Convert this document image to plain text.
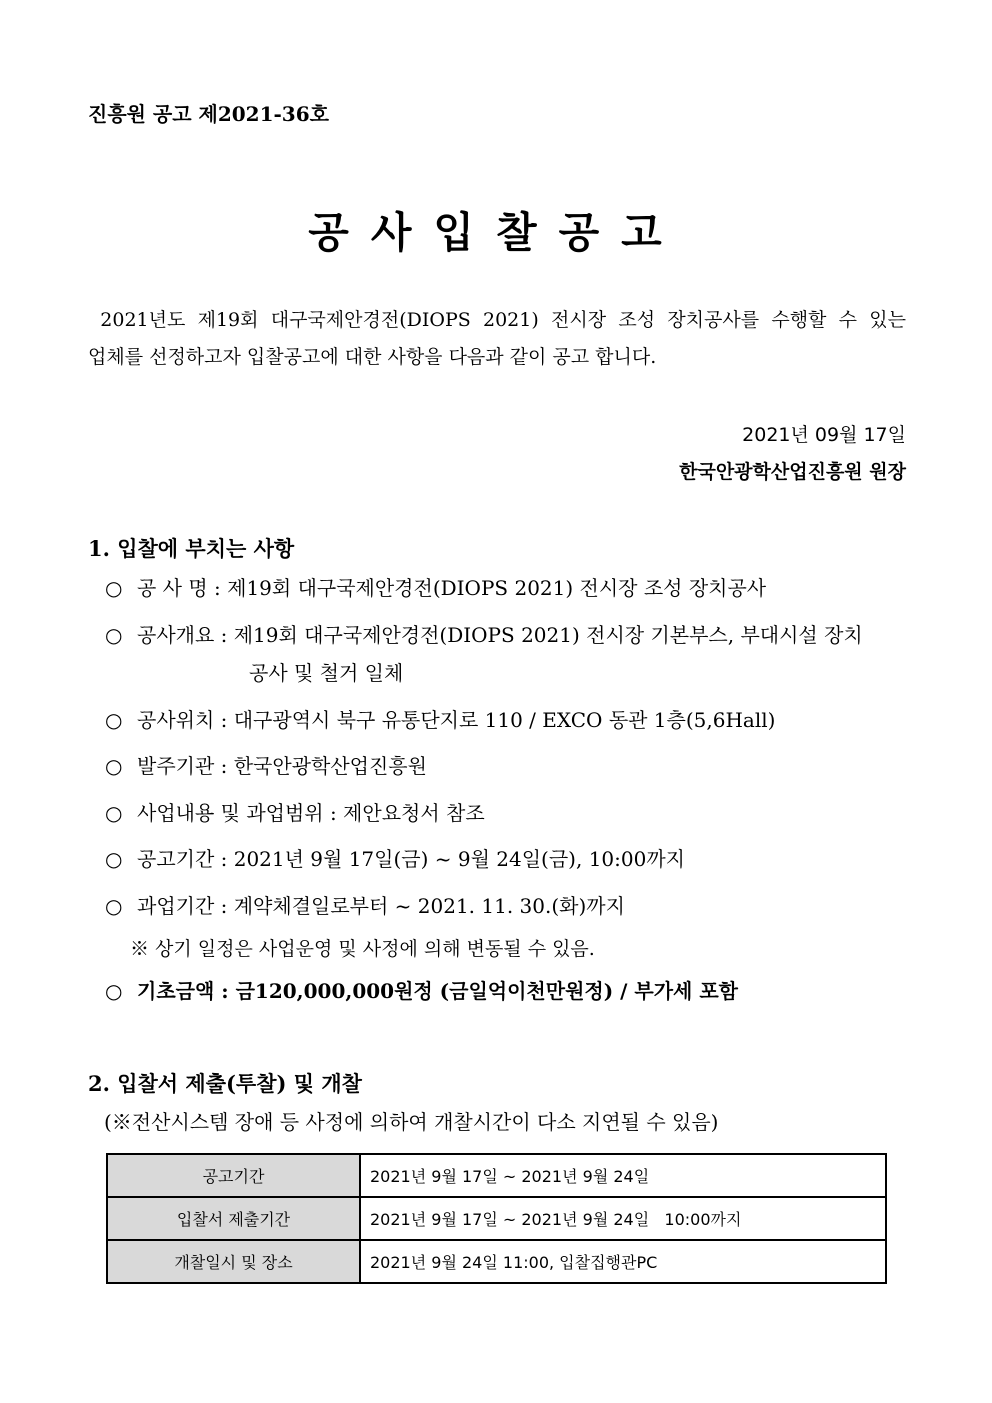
진흥원 공고 제2021-36호
공사입찰공고
2021년도 제19회 대구국제안경전(DIOPS 2021) 전시장 조성 장치공사를 수행할 수 있는
업체를 선정하고자 입찰공고에 대한 사항을 다음과 같이 공고 합니다.
2021년 09월 17일
한국안광학산업진흥원 원장
1. 입찰에 부치는 사항
○ 공 사 명 : 제19회 대구국제안경전(DIOPS 2021) 전시장 조성 장치공사
○ 공사개요 : 제19회 대구국제안경전(DIOPS 2021) 전시장 기본부스, 부대시설 장치
공사 및 철거 일체
○ 공사위치 : 대구광역시 북구 유통단지로 110 / EXCO 동관 1층(5,6Hall)
○ 발주기관 : 한국안광학산업진흥원
○ 사업내용 및 과업범위 : 제안요청서 참조
○ 공고기간 : 2021년 9월 17일(금) ~ 9월 24일(금), 10:00까지
○ 과업기간 : 계약체결일로부터 ~ 2021. 11. 30.(화)까지
※ 상기 일정은 사업운영 및 사정에 의해 변동될 수 있음.
○ 기초금액 : 금120,000,000원정 (금일억이천만원정) / 부가세 포함
2. 입찰서 제출(투찰) 및 개찰
(※전산시스템 장애 등 사정에 의하여 개찰시간이 다소 지연될 수 있음)
공고기간	2021년 9월 17일 ~ 2021년 9월 24일
입찰서 제출기간	2021년 9월 17일 ~ 2021년 9월 24일   10:00까지
개찰일시 및 장소	2021년 9월 24일 11:00, 입찰집행관PC
